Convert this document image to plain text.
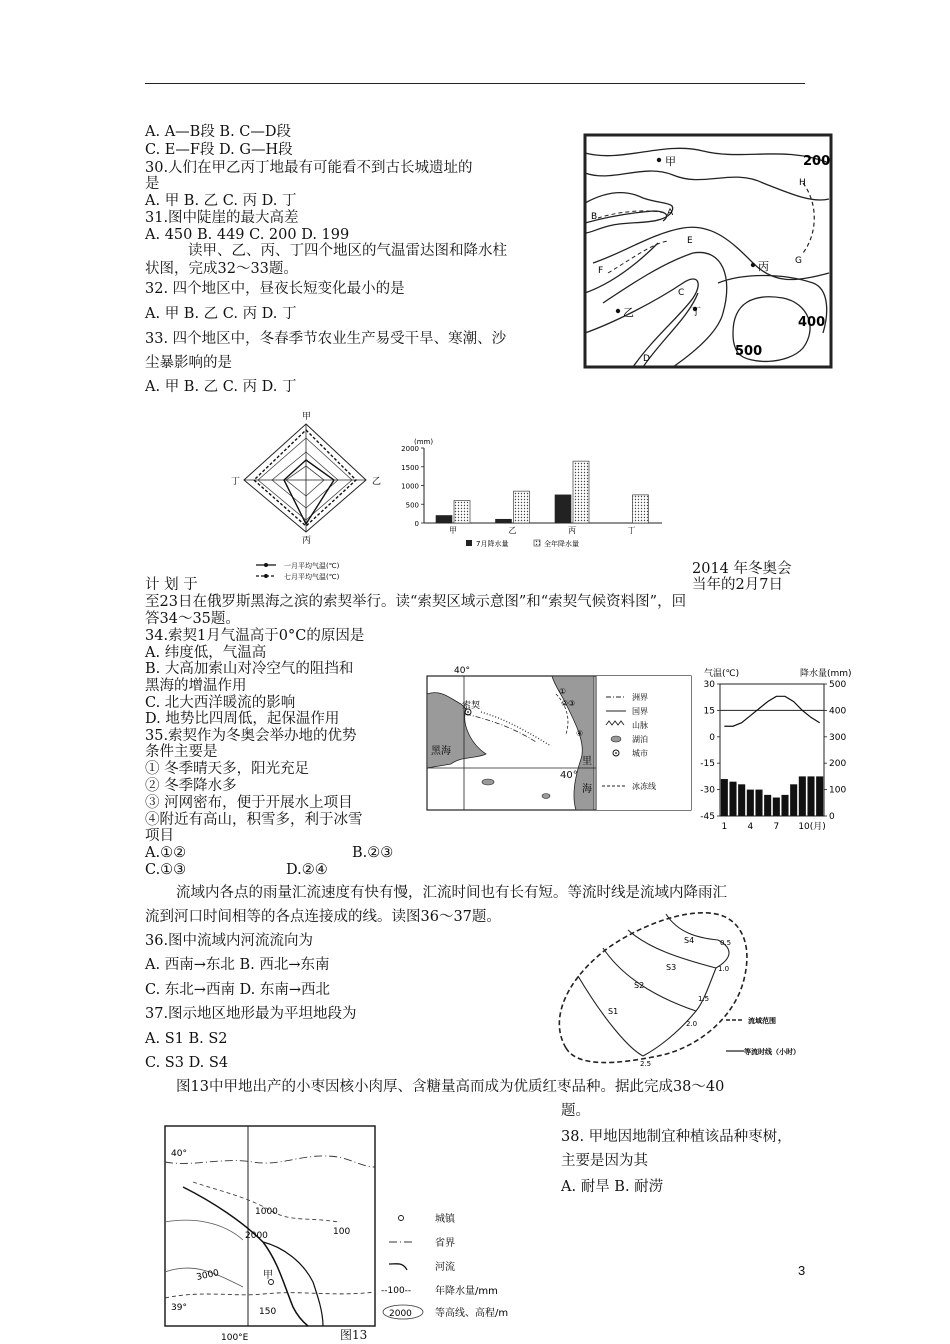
A. A—B段 B. C—D段
C. E—F段 D. G—H段
30.人们在甲乙丙丁地最有可能看不到古长城遗址的
是
A. 甲 B. 乙 C. 丙 D. 丁
31.图中陡崖的最大高差
A. 450 B. 449 C. 200 D. 199
读甲、乙、丙、丁四个地区的气温雷达图和降水柱
状图，完成32～33题。
32. 四个地区中，昼夜长短变化最小的是
A. 甲 B. 乙 C. 丙 D. 丁
33. 四个地区中，冬春季节农业生产易受干旱、寒潮、沙
尘暴影响的是
A. 甲 B. 乙 C. 丙 D. 丁
2014 年冬奥会
计 划 于	当年的2月7日
至23日在俄罗斯黑海之滨的索契举行。读“索契区域示意图”和“索契气候资料图”，回
答34～35题。
34.索契1月气温高于0°C的原因是
A. 纬度低，气温高
B. 大高加索山对冷空气的阻挡和
黑海的增温作用
C. 北大西洋暖流的影响
D. 地势比四周低，起保温作用
35.索契作为冬奥会举办地的优势
条件主要是
① 冬季晴天多，阳光充足
② 冬季降水多
③ 河网密布，便于开展水上项目
④附近有高山，积雪多，利于冰雪
项目
A.①②	B.②③
C.①③	D.②④
流域内各点的雨量汇流速度有快有慢，汇流时间也有长有短。等流时线是流域内降雨汇
流到河口时间相等的各点连接成的线。读图36～37题。
36.图中流域内河流流向为
A. 西南→东北 B. 西北→东南
C. 东北→西南 D. 东南→西北
37.图示地区地形最为平坦地段为
A. S1 B. S2
C. S3 D. S4
图13中甲地出产的小枣因核小肉厚、含糖量高而成为优质红枣品种。据此完成38～40
题。
38. 甲地因地制宜种植该品种枣树，
主要是因为其
A. 耐旱 B. 耐涝
3
甲
乙
丙
丁
A
B
C
D
E
F
G
H
200
400
500
甲
乙
丙
丁
一月平均气温(℃)
七月平均气温(℃)
(mm)
0
500
1000
1500
2000
甲	乙	丙	丁
7月降水量	全年降水量
40°
索契
黑海
里
海
40°
①
② ③
④
洲界
国界
山脉
湖泊
城市
冰冻线
气温(℃)	降水量(mm)
30
15
0
-15
-30
-45
500
400
300
200
100
0
1 4 7 10(月)
S4
S3
S2
S1
0.5
1.0
1.5
2.0
2.5
流域范围
等流时线（小时）
40°
39°
100°E
1000
2000
3000	甲
150
100
城镇
省界
河流
--100-- 年降水量/mm
2000 等高线、高程/m
图13
